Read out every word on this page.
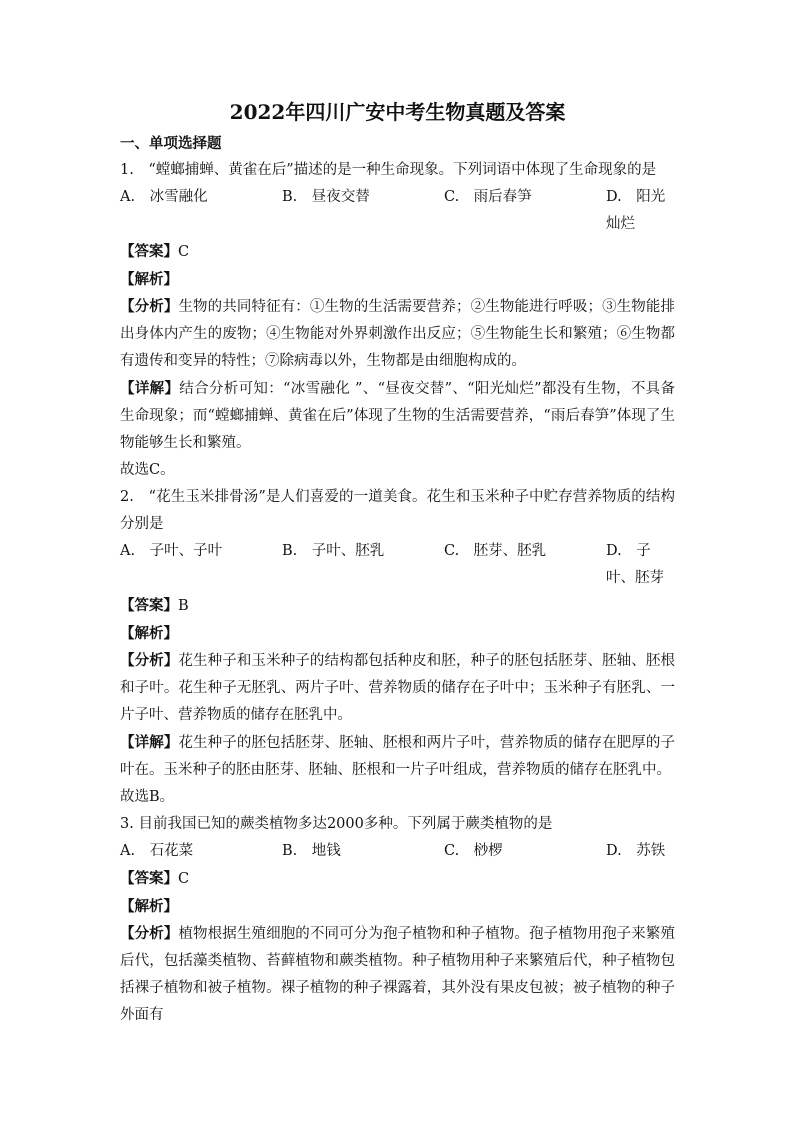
2022年四川广安中考生物真题及答案

一、单项选择题

1.　“螳螂捕蝉、黄雀在后”描述的是一种生命现象。下列词语中体现了生命现象的是

A.　冰雪融化	B.　昼夜交替	C.　雨后春笋	D.　阳光灿烂

【答案】C

【解析】

【分析】生物的共同特征有：①生物的生活需要营养；②生物能进行呼吸；③生物能排出身体内产生的废物；④生物能对外界刺激作出反应；⑤生物能生长和繁殖；⑥生物都有遗传和变异的特性；⑦除病毒以外，生物都是由细胞构成的。

【详解】结合分析可知：“冰雪融化 ”、“昼夜交替”、“阳光灿烂”都没有生物，不具备生命现象；而“螳螂捕蝉、黄雀在后”体现了生物的生活需要营养，“雨后春笋”体现了生物能够生长和繁殖。

故选C。

2.　“花生玉米排骨汤”是人们喜爱的一道美食。花生和玉米种子中贮存营养物质的结构分别是

A.　子叶、子叶	B.　子叶、胚乳	C.　胚芽、胚乳	D.　子叶、胚芽

【答案】B

【解析】

【分析】花生种子和玉米种子的结构都包括种皮和胚，种子的胚包括胚芽、胚轴、胚根和子叶。花生种子无胚乳、两片子叶、营养物质的储存在子叶中；玉米种子有胚乳、一片子叶、营养物质的储存在胚乳中。

【详解】花生种子的胚包括胚芽、胚轴、胚根和两片子叶，营养物质的储存在肥厚的子叶在。玉米种子的胚由胚芽、胚轴、胚根和一片子叶组成，营养物质的储存在胚乳中。

故选B。

3. 目前我国已知的蕨类植物多达2000多种。下列属于蕨类植物的是

A.　石花菜	B.　地钱	C.　桫椤	D.　苏铁

【答案】C

【解析】

【分析】植物根据生殖细胞的不同可分为孢子植物和种子植物。孢子植物用孢子来繁殖后代，包括藻类植物、苔藓植物和蕨类植物。种子植物用种子来繁殖后代，种子植物包括裸子植物和被子植物。裸子植物的种子裸露着，其外没有果皮包被；被子植物的种子外面有
